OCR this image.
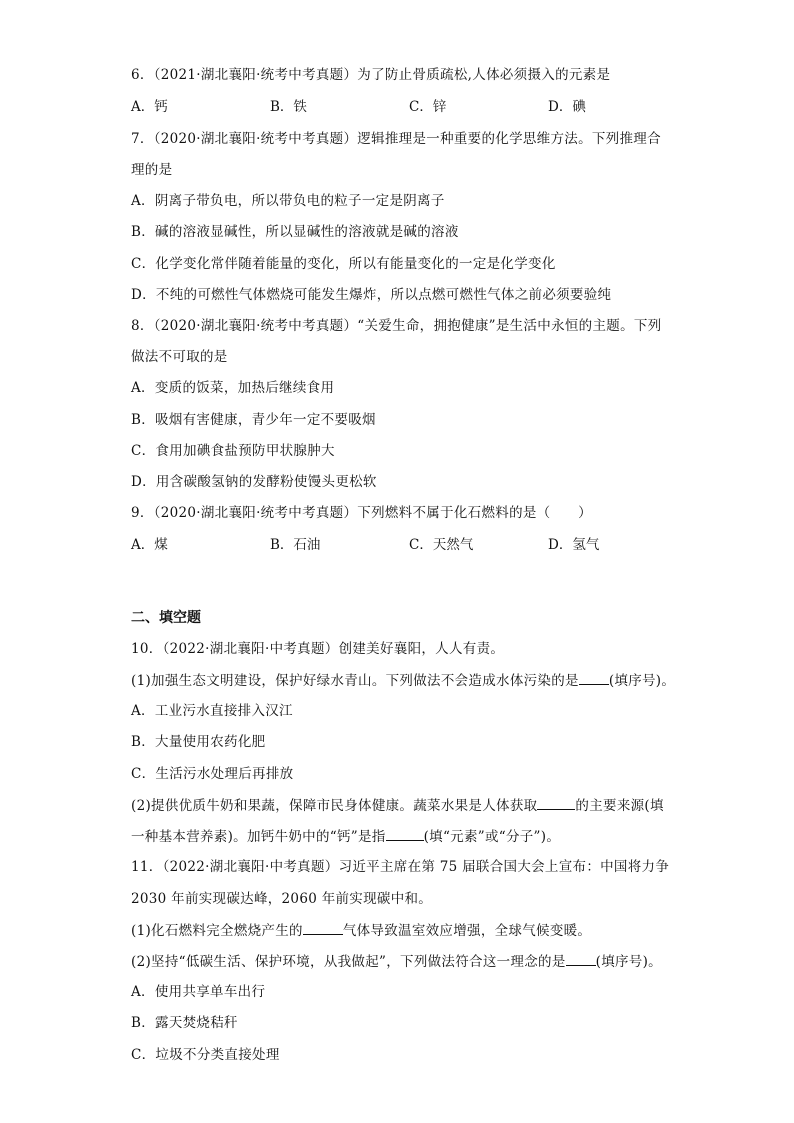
6．（2021·湖北襄阳·统考中考真题）为了防止骨质疏松,人体必须摄入的元素是
A．钙	B．铁	C．锌	D．碘
7．（2020·湖北襄阳·统考中考真题）逻辑推理是一种重要的化学思维方法。下列推理合
理的是
A．阴离子带负电，所以带负电的粒子一定是阴离子
B．碱的溶液显碱性，所以显碱性的溶液就是碱的溶液
C．化学变化常伴随着能量的变化，所以有能量变化的一定是化学变化
D．不纯的可燃性气体燃烧可能发生爆炸，所以点燃可燃性气体之前必须要验纯
8．（2020·湖北襄阳·统考中考真题）“关爱生命，拥抱健康”是生活中永恒的主题。下列
做法不可取的是
A．变质的饭菜，加热后继续食用
B．吸烟有害健康，青少年一定不要吸烟
C．食用加碘食盐预防甲状腺肿大
D．用含碳酸氢钠的发酵粉使馒头更松软
9．（2020·湖北襄阳·统考中考真题）下列燃料不属于化石燃料的是（　　）
A．煤	B．石油	C．天然气	D．氢气
二、填空题
10．（2022·湖北襄阳·中考真题）创建美好襄阳，人人有责。
(1)加强生态文明建设，保护好绿水青山。下列做法不会造成水体污染的是 (填序号)。
A．工业污水直接排入汉江
B．大量使用农药化肥
C．生活污水处理后再排放
(2)提供优质牛奶和果蔬，保障市民身体健康。蔬菜水果是人体获取	的主要来源(填
一种基本营养素)。加钙牛奶中的“钙”是指	(填“元素”或“分子”)。
11．（2022·湖北襄阳·中考真题）习近平主席在第 75 届联合国大会上宣布：中国将力争
2030 年前实现碳达峰，2060 年前实现碳中和。
(1)化石燃料完全燃烧产生的	气体导致温室效应增强，全球气候变暖。
(2)坚持“低碳生活、保护环境，从我做起”，下列做法符合这一理念的是 (填序号)。
A．使用共享单车出行
B．露天焚烧秸秆
C．垃圾不分类直接处理
